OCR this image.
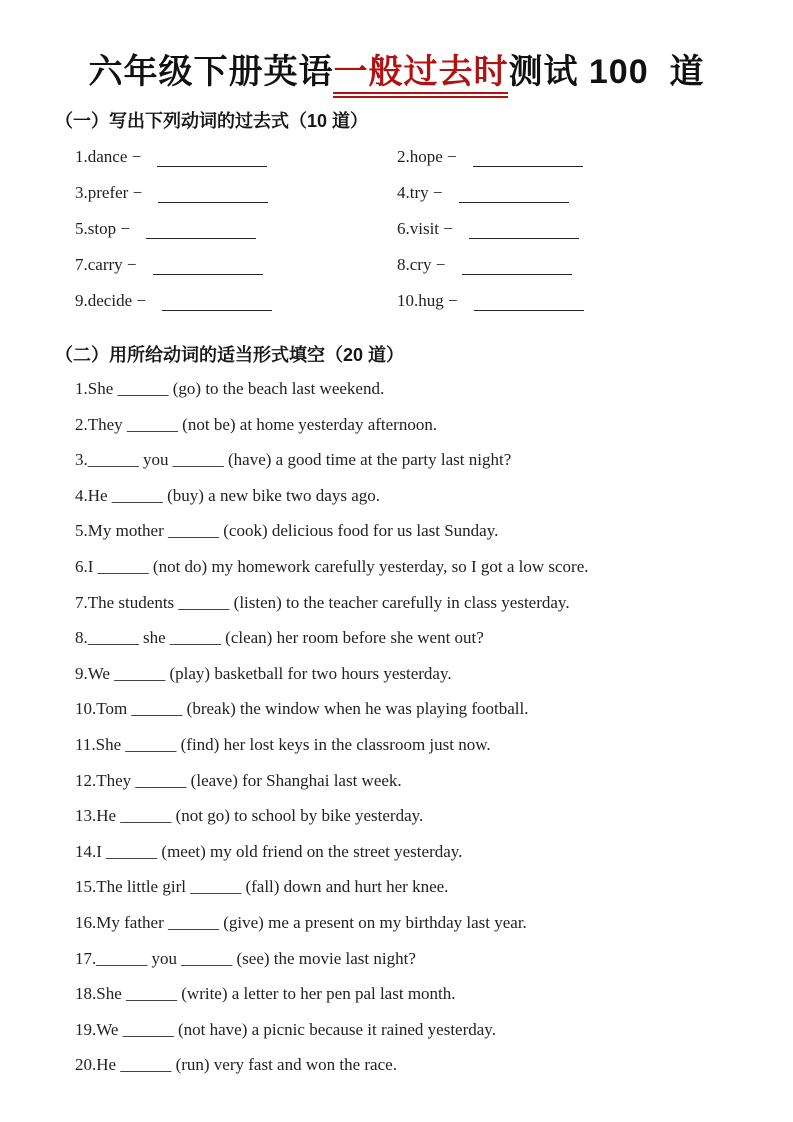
六年级下册英语一般过去时测试 100  道
（一）写出下列动词的过去式（10 道）
1.dance −	2.hope −
3.prefer −	4.try −
5.stop −	6.visit −
7.carry −	8.cry −
9.decide −	10.hug −
（二）用所给动词的适当形式填空（20 道）
1.She ______ (go) to the beach last weekend.
2.They ______ (not be) at home yesterday afternoon.
3.______ you ______ (have) a good time at the party last night?
4.He ______ (buy) a new bike two days ago.
5.My mother ______ (cook) delicious food for us last Sunday.
6.I ______ (not do) my homework carefully yesterday, so I got a low score.
7.The students ______ (listen) to the teacher carefully in class yesterday.
8.______ she ______ (clean) her room before she went out?
9.We ______ (play) basketball for two hours yesterday.
10.Tom ______ (break) the window when he was playing football.
11.She ______ (find) her lost keys in the classroom just now.
12.They ______ (leave) for Shanghai last week.
13.He ______ (not go) to school by bike yesterday.
14.I ______ (meet) my old friend on the street yesterday.
15.The little girl ______ (fall) down and hurt her knee.
16.My father ______ (give) me a present on my birthday last year.
17.______ you ______ (see) the movie last night?
18.She ______ (write) a letter to her pen pal last month.
19.We ______ (not have) a picnic because it rained yesterday.
20.He ______ (run) very fast and won the race.
